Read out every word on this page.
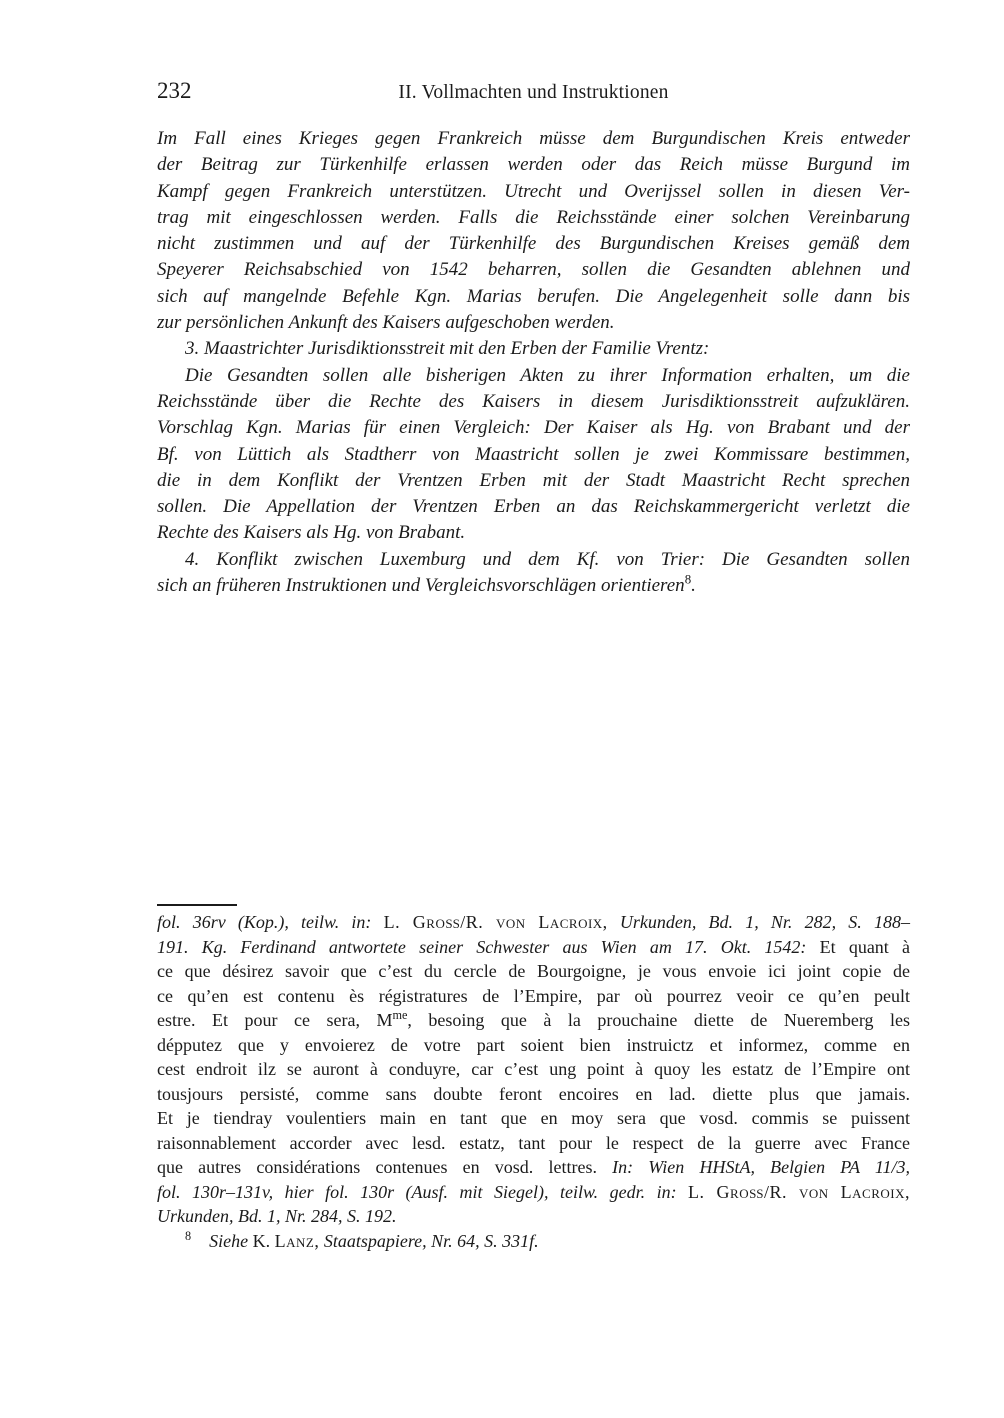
232	II. Vollmachten und Instruktionen
Im Fall eines Krieges gegen Frankreich müsse dem Burgundischen Kreis entweder
der Beitrag zur Türkenhilfe erlassen werden oder das Reich müsse Burgund im
Kampf gegen Frankreich unterstützen. Utrecht und Overijssel sollen in diesen Ver-
trag mit eingeschlossen werden. Falls die Reichsstände einer solchen Vereinbarung
nicht zustimmen und auf der Türkenhilfe des Burgundischen Kreises gemäß dem
Speyerer Reichsabschied von 1542 beharren, sollen die Gesandten ablehnen und
sich auf mangelnde Befehle Kgn. Marias berufen. Die Angelegenheit solle dann bis
zur persönlichen Ankunft des Kaisers aufgeschoben werden.
3. Maastrichter Jurisdiktionsstreit mit den Erben der Familie Vrentz:
Die Gesandten sollen alle bisherigen Akten zu ihrer Information erhalten, um die
Reichsstände über die Rechte des Kaisers in diesem Jurisdiktionsstreit aufzuklären.
Vorschlag Kgn. Marias für einen Vergleich: Der Kaiser als Hg. von Brabant und der
Bf. von Lüttich als Stadtherr von Maastricht sollen je zwei Kommissare bestimmen,
die in dem Konflikt der Vrentzen Erben mit der Stadt Maastricht Recht sprechen
sollen. Die Appellation der Vrentzen Erben an das Reichskammergericht verletzt die
Rechte des Kaisers als Hg. von Brabant.
4. Konflikt zwischen Luxemburg und dem Kf. von Trier: Die Gesandten sollen
sich an früheren Instruktionen und Vergleichsvorschlägen orientieren$^8$.
fol. 36rv (Kop.), teilw. in: L. Groß/R. von Lacroix, Urkunden, Bd. 1, Nr. 282, S. 188–
191. Kg. Ferdinand antwortete seiner Schwester aus Wien am 17. Okt. 1542: Et quant à
ce que désirez savoir que c’est du cercle de Bourgoigne, je vous envoie ici joint copie de
ce qu’en est contenu ès régistratures de l’Empire, par où pourrez veoir ce qu’en peult
estre. Et pour ce sera, $M^{me}$, besoing que à la prouchaine diette de Nueremberg les
dépputez que y envoierez de votre part soient bien instruictz et informez, comme en
cest endroit ilz se auront à conduyre, car c’est ung point à quoy les estatz de l’Empire ont
tousjours persisté, comme sans doubte feront encoires en lad. diette plus que jamais.
Et je tiendray voulentiers main en tant que en moy sera que vosd. commis se puissent
raisonnablement accorder avec lesd. estatz, tant pour le respect de la guerre avec France
que autres considérations contenues en vosd. lettres. In: Wien HHStA, Belgien PA 11/3,
fol. 130r–131v, hier fol. 130r (Ausf. mit Siegel), teilw. gedr. in: L. Groß/R. von Lacroix,
Urkunden, Bd. 1, Nr. 284, S. 192.
$^8$   Siehe K. Lanz, Staatspapiere, Nr. 64, S. 331f.
